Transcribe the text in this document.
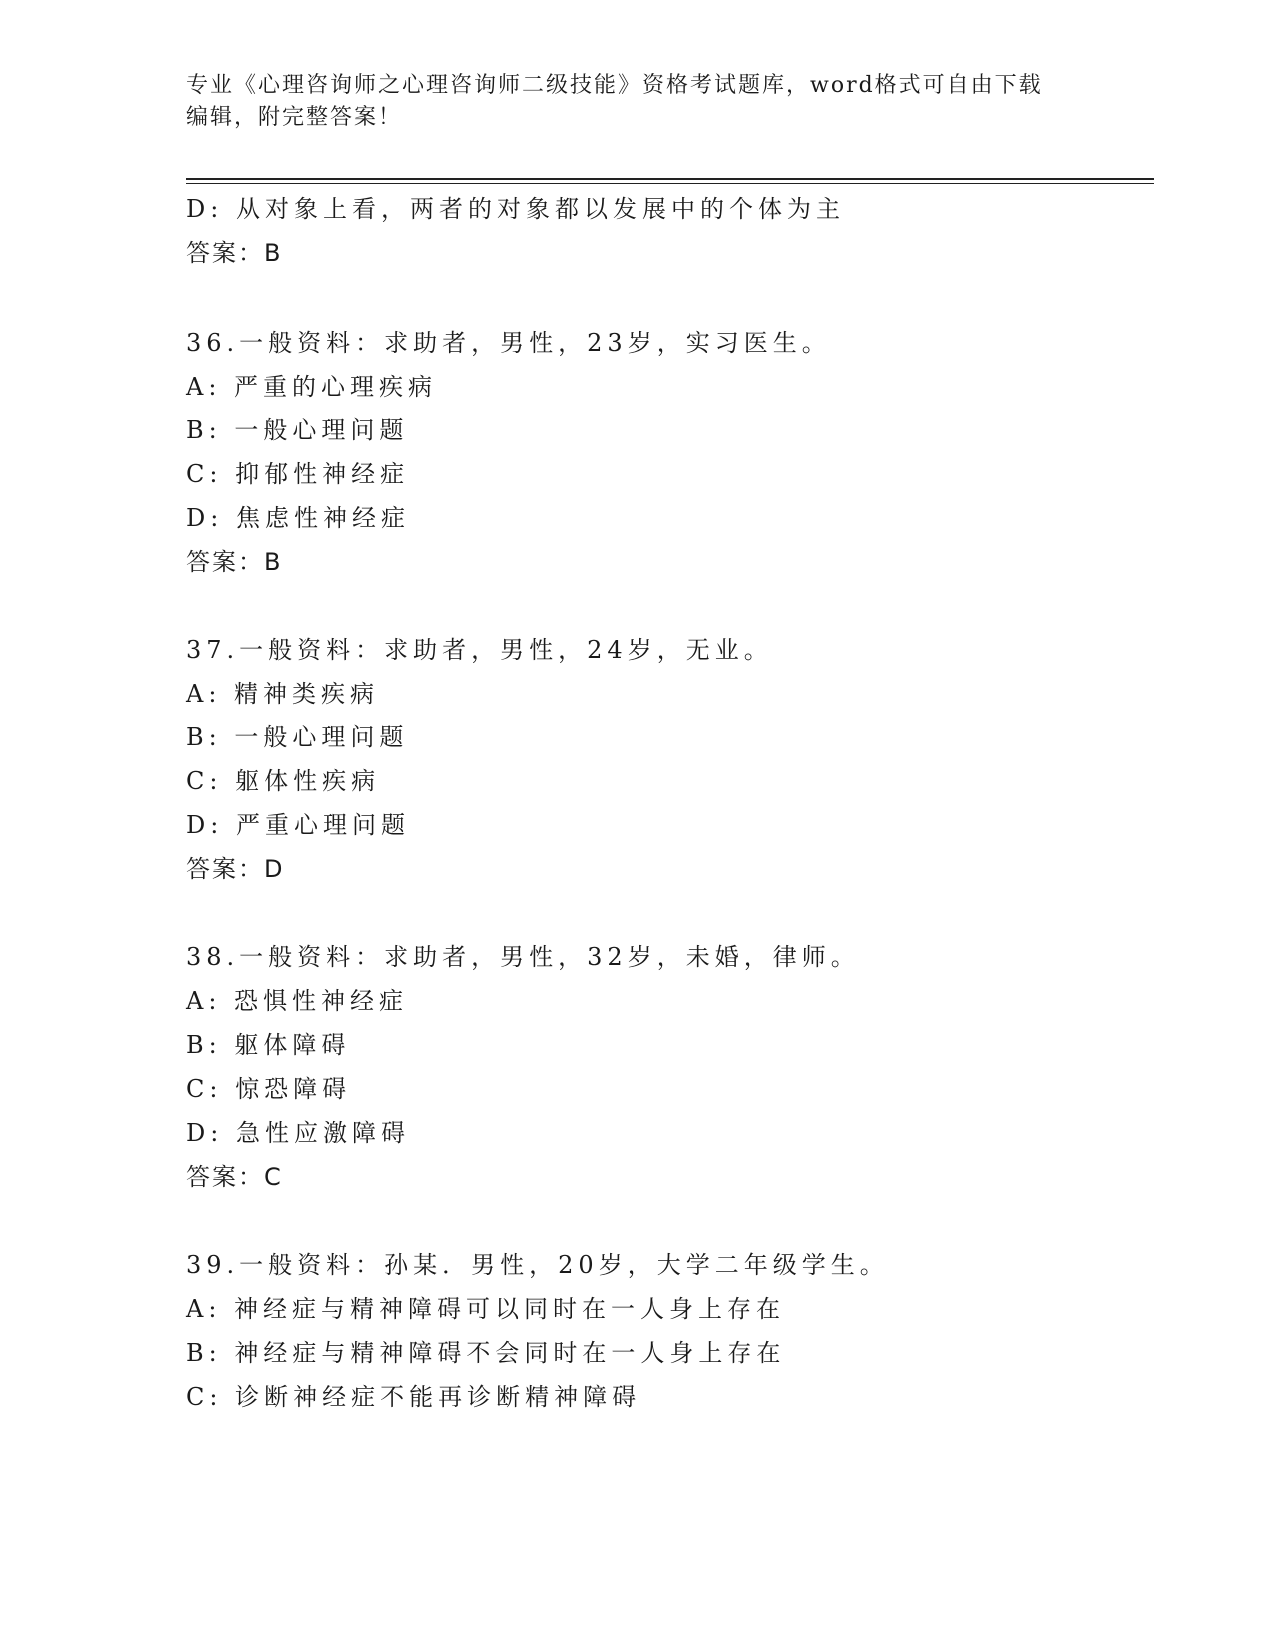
专业《心理咨询师之心理咨询师二级技能》资格考试题库，word格式可自由下载
编辑，附完整答案！
D: 从对象上看，两者的对象都以发展中的个体为主
答案：B
36.一般资料：求助者，男性，23岁，实习医生。
A: 严重的心理疾病
B: 一般心理问题
C: 抑郁性神经症
D: 焦虑性神经症
答案：B
37.一般资料：求助者，男性，24岁，无业。
A: 精神类疾病
B: 一般心理问题
C: 躯体性疾病
D: 严重心理问题
答案：D
38.一般资料：求助者，男性，32岁，未婚，律师。
A: 恐惧性神经症
B: 躯体障碍
C: 惊恐障碍
D: 急性应激障碍
答案：C
39.一般资料：孙某．男性，20岁，大学二年级学生。
A: 神经症与精神障碍可以同时在一人身上存在
B: 神经症与精神障碍不会同时在一人身上存在
C: 诊断神经症不能再诊断精神障碍
